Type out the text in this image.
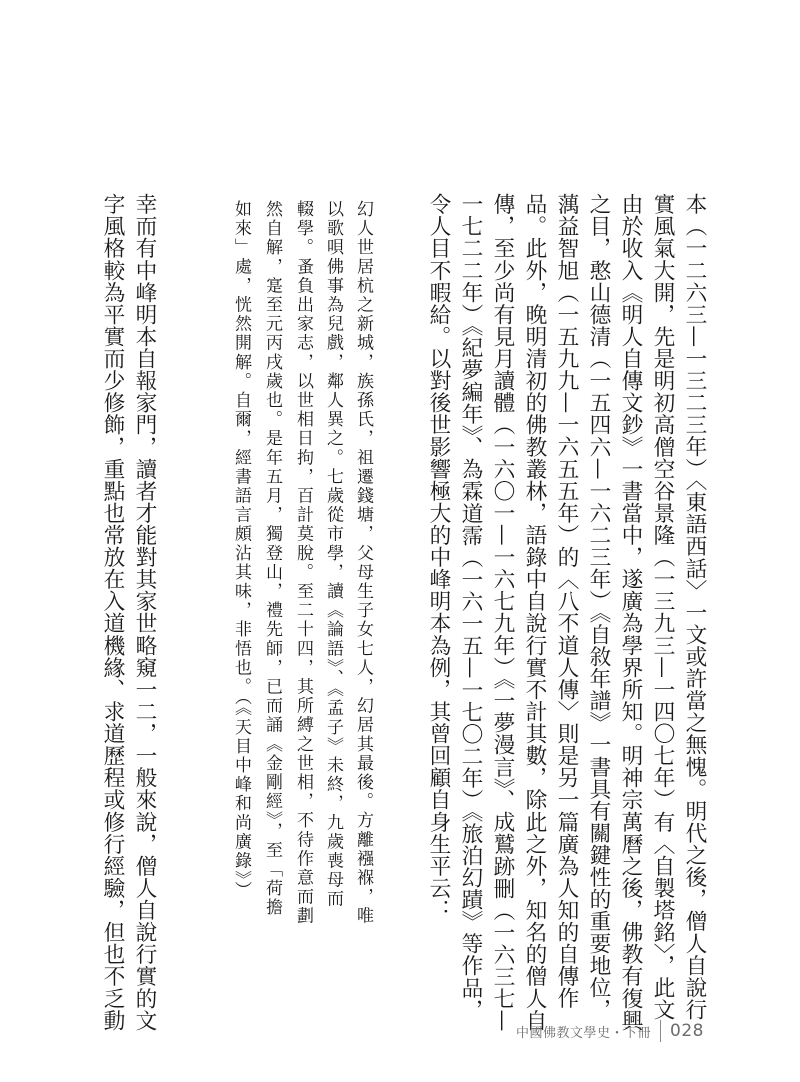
本（一二六三—一三二三年）〈東語西話〉一文或許當之無愧。明代之後，僧人自說行

實風氣大開，先是明初高僧空谷景隆（一三九三—一四〇七年）有〈自製塔銘〉，此文

由於收入《明人自傳文鈔》一書當中，遂廣為學界所知。明神宗萬曆之後，佛教有復興

之目，憨山德清（一五四六—一六二三年）《自敘年譜》一書具有關鍵性的重要地位，

蕅益智旭（一五九九—一六五五年）的〈八不道人傳〉則是另一篇廣為人知的自傳作

品。此外，晚明清初的佛教叢林，語錄中自說行實不計其數，除此之外，知名的僧人自

傳，至少尚有見月讀體（一六〇一—一六七九年）《一夢漫言》、成鷲跡刪（一六三七—

一七二二年）《紀夢編年》、為霖道霈（一六一五—一七〇二年）《旅泊幻蹟》等作品，

令人目不暇給。以對後世影響極大的中峰明本為例，其曾回顧自身生平云：

幻人世居杭之新城，族孫氏，祖遷錢塘，父母生子女七人，幻居其最後。方離襁褓，唯

以歌唄佛事為兒戲，鄰人異之。七歲從市學，讀《論語》、《孟子》未終，九歲喪母而

輟學。蚤負出家志，以世相日拘，百計莫脫。至二十四，其所縛之世相，不待作意而劃

然自解，寔至元丙戌歲也。是年五月，獨登山，禮先師，已而誦《金剛經》，至「荷擔

如來」處，恍然開解。自爾，經書語言頗沾其味，非悟也。（《天目中峰和尚廣錄》）

幸而有中峰明本自報家門，讀者才能對其家世略窺一二，一般來說，僧人自說行實的文

字風格較為平實而少修飾，重點也常放在入道機緣、求道歷程或修行經驗，但也不乏動

中國佛教文學史・下冊 028
